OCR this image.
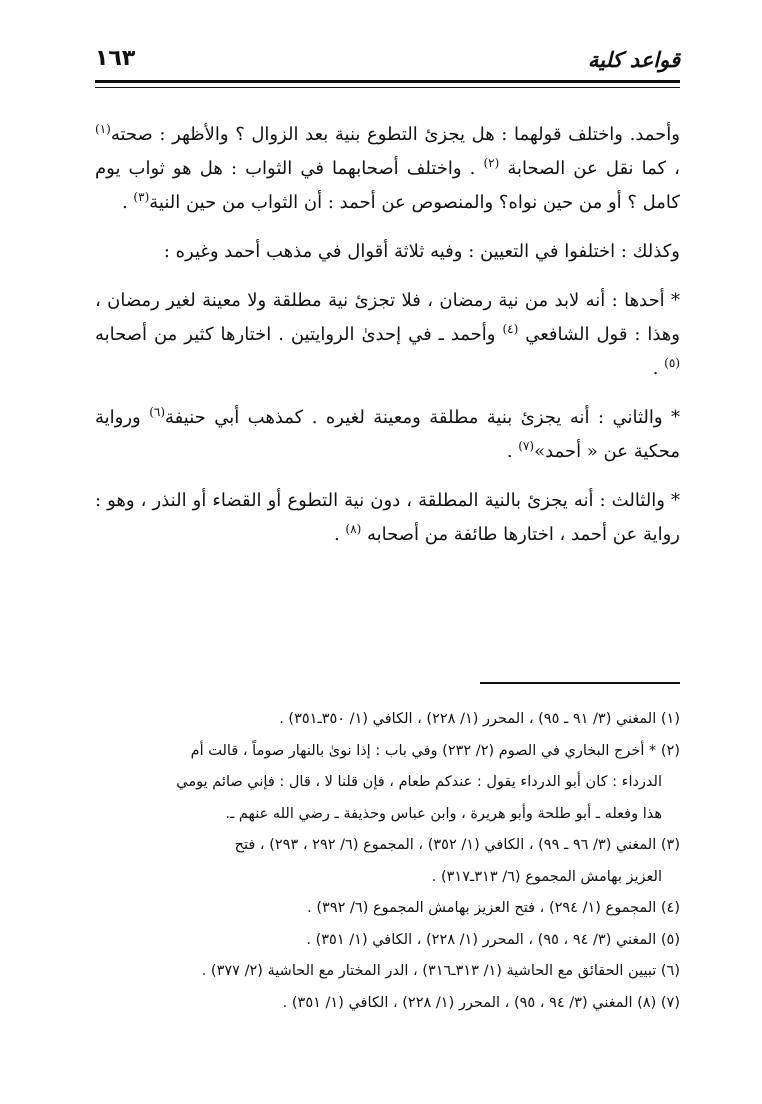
قواعد كلية
١٦٣

وأحمد. واختلف قولهما : هل يجزئ التطوع بنية بعد الزوال ؟ والأظهر : صحته$^{(١)}$ ، كما نقل عن الصحابة $^{(٢)}$ . واختلف أصحابهما في الثواب : هل هو ثواب يوم كامل ؟ أو من حين نواه؟ والمنصوص عن أحمد : أن الثواب من حين النية$^{(٣)}$ .

وكذلك : اختلفوا في التعيين : وفيه ثلاثة أقوال في مذهب أحمد وغيره :

* أحدها : أنه لابد من نية رمضان ، فلا تجزئ نية مطلقة ولا معينة لغير رمضان ، وهذا : قول الشافعي $^{(٤)}$ وأحمد ـ في إحدىٰ الروايتين . اختارها كثير من أصحابه $^{(٥)}$ .

* والثاني : أنه يجزئ بنية مطلقة ومعينة لغيره . كمذهب أبي حنيفة$^{(٦)}$ ورواية محكية عن « أحمد»$^{(٧)}$ .

* والثالث : أنه يجزئ بالنية المطلقة ، دون نية التطوع أو القضاء أو النذر ، وهو : رواية عن أحمد ، اختارها طائفة من أصحابه $^{(٨)}$ .

(١) المغني (٣/ ٩١ ـ ٩٥) ، المحرر (١/ ٢٢٨) ، الكافي (١/ ٣٥٠ـ٣٥١) .

(٢) * أخرج البخاري في الصوم (٢/ ٢٣٢) وفي باب : إذا نوىٰ بالنهار صوماً ، قالت أم

الدرداء : كان أبو الدرداء يقول : عندكم طعام ، فإن قلنا لا ، قال : فإني صائم يومي

هذا وفعله ـ أبو طلحة وأبو هريرة ، وابن عباس وحذيفة ـ رضي الله عنهم ـ.

(٣) المغني (٣/ ٩٦ ـ ٩٩) ، الكافي (١/ ٣٥٢) ، المجموع (٦/ ٢٩٢ ، ٢٩٣) ، فتح

العزيز بهامش المجموع (٦/ ٣١٣ـ٣١٧) .

(٤) المجموع (١/ ٢٩٤) ، فتح العزيز بهامش المجموع (٦/ ٣٩٢) .

(٥) المغني (٣/ ٩٤ ، ٩٥) ، المحرر (١/ ٢٢٨) ، الكافي (١/ ٣٥١) .

(٦) تبيين الحقائق مع الحاشية (١/ ٣١٣ـ٣١٦) ، الدر المختار مع الحاشية (٢/ ٣٧٧) .

(٧) (٨) المغني (٣/ ٩٤ ، ٩٥) ، المحرر (١/ ٢٢٨) ، الكافي (١/ ٣٥١) .
